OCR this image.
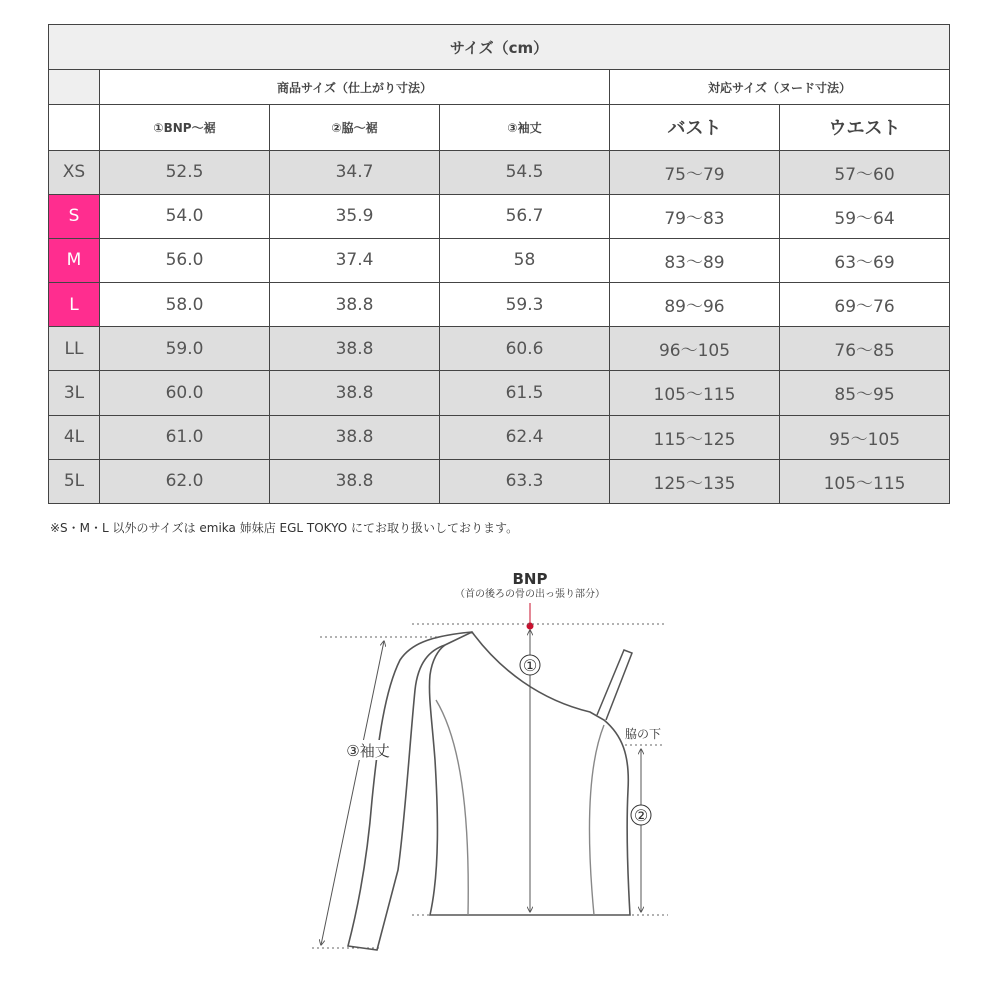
サイズ（cm）					
	商品サイズ（仕上がり寸法）			対応サイズ（ヌード寸法）	
	①BNP〜裾	②脇〜裾	③袖丈	バスト	ウエスト
XS	52.5	34.7	54.5	75〜79	57〜60
S	54.0	35.9	56.7	79〜83	59〜64
M	56.0	37.4	58	83〜89	63〜69
L	58.0	38.8	59.3	89〜96	69〜76
LL	59.0	38.8	60.6	96〜105	76〜85
3L	60.0	38.8	61.5	105〜115	85〜95
4L	61.0	38.8	62.4	115〜125	95〜105
5L	62.0	38.8	63.3	125〜135	105〜115
※S・M・L 以外のサイズは emika 姉妹店 EGL TOKYO にてお取り扱いしております。
BNP
（首の後ろの骨の出っ張り部分）
①
②
脇の下
③袖丈
